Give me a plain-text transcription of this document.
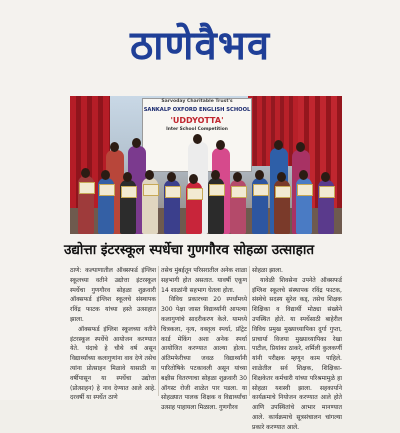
ठाणेवैभव
Sarvoday Charitable Trust's
SANKALP OXFORD ENGLISH SCHOOL
'UDDYOTTA'
Inter School Competition
उद्योत्ता इंटरस्कूल स्पर्धेचा गुणगौरव सोहळा उत्साहात

ठाणे: कल्याणातील ऑक्सफर्ड इंग्लिश स्कूलच्या वतीने उद्योत्ता इंटरस्कूल स्पर्धेचा गुणगौरव सोहळा शुक्रवारी ऑक्सफर्ड इंग्लिश स्कूलचे संस्थापक रविंद्र फाटक यांच्या हस्ते उत्साहात झाला.

ऑक्सफर्ड इंग्लिश स्कूलच्या वतीने इंटरस्कूल स्पर्धेचे आयोजन करण्यात येते. यंदाचे हे चौथे वर्ष असून विद्यार्थ्यांच्या कलागुणांना वाव देणे तसेच त्यांना प्रोत्साहन मिळावे यासाठी या वर्षीपासून या स्पर्धेचा उद्योत्ता (प्रोत्साहन) हे नाव देण्यात आले आहे. दरवर्षी या स्पर्धेत ठाणे

तसेच मुंबईतून परिसरातील अनेक शाळा सहभागी होत असतात. यावर्षी एकूण 14 शाळांनी सहभाग घेतला होता.

विविध प्रकारच्या 20 स्पर्धांमध्ये 300 पेक्षा जास्त विद्यार्थ्यांनी आपल्या कलागुणांचे सादरीकरण केले. यामध्ये चित्रकला, नृत्य, वक्तृत्व स्पर्धा, प्रॉट्रेट कार्ड मेकिंग अशा अनेक स्पर्धा आयोजित करण्यात आल्या होत्या. अंतिमफेरीच्या जवळ विद्यार्थ्यांनी पारितोषिके पटकावली असून यांच्या बक्षीस वितरणाचा सोहळा शुक्रवारी 30 ऑगस्ट रोजी शाळेत पार पडला. या सोहळ्यात पालक शिक्षक व विद्यार्थ्यांचा उत्साह पाहायला मिळाला. गुणगौरव

सोहळा झाला.

यावेळी शिवसेना उपनेते ऑक्सफर्ड इंग्लिश स्कूलचे संस्थापक रविंद्र फाटक, संस्थेचे सदस्य सुरेश कड्, तसेच शिक्षक शिक्षिका व विद्यार्थी मोठ्या संख्येने उपस्थित होते. या स्पर्धेसाठी बाहेरील विविध प्रमुख मुख्याध्यापिका दुर्गा गुप्ता, प्राचार्या विजया मुख्याध्यापिका रेखा पाटील, प्रियांका ठाकरे, शर्मिली कुलकर्णी यांनी परीक्षक म्हणून काम पाहिले. शाळेतील सर्व शिक्षक, शिक्षिका-शिक्षकेतर कर्मचारी यांच्या परिश्रमामुळे हा सोहळा यशस्वी झाला. सहकार्याने कार्यक्रमाचे नियोजन करण्यात आले होते आणि उपस्थितांचे आभार मानण्यात आले. कार्यक्रमाचे सूत्रसंचालन चांगल्या प्रकारे करण्यात आले.
